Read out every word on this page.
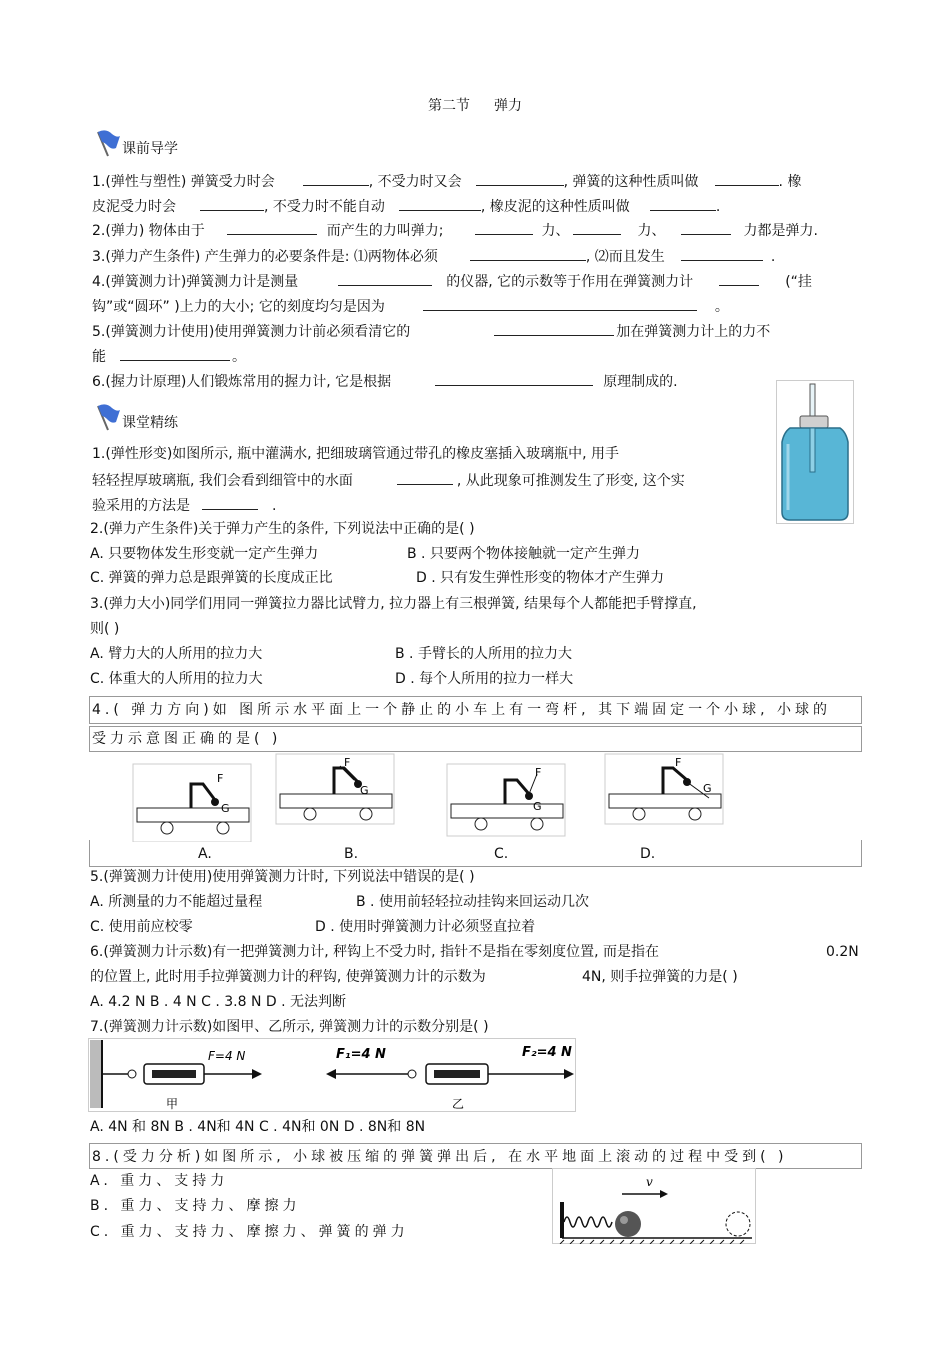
第二节 弹力
课前导学
1.(弹性与塑性) 弹簧受力时会	, 不受力时又会	, 弹簧的这种性质叫做	. 橡
皮泥受力时会	, 不受力时不能自动	, 橡皮泥的这种性质叫做	.
2.(弹力) 物体由于	而产生的力叫弹力;	力、	力、	力都是弹力.
3.(弹力产生条件) 产生弹力的必要条件是: ⑴两物体必须	, ⑵而且发生	.
4.(弹簧测力计)弹簧测力计是测量	的仪器, 它的示数等于作用在弹簧测力计	(“挂
钩”或“圆环” )上力的大小; 它的刻度均匀是因为	。
5.(弹簧测力计使用)使用弹簧测力计前必须看清它的	加在弹簧测力计上的力不
能	。
6.(握力计原理)人们锻炼常用的握力计, 它是根据	原理制成的.
课堂精练
1.(弹性形变)如图所示, 瓶中灌满水, 把细玻璃管通过带孔的橡皮塞插入玻璃瓶中, 用手
轻轻捏厚玻璃瓶, 我们会看到细管中的水面	, 从此现象可推测发生了形变, 这个实
验采用的方法是	.
2.(弹力产生条件)关于弹力产生的条件, 下列说法中正确的是( )
A. 只要物体发生形变就一定产生弹力	B . 只要两个物体接触就一定产生弹力
C. 弹簧的弹力总是跟弹簧的长度成正比	D . 只有发生弹性形变的物体才产生弹力
3.(弹力大小)同学们用同一弹簧拉力器比试臂力, 拉力器上有三根弹簧, 结果每个人都能把手臂撑直,
则( )
A. 臂力大的人所用的拉力大	B . 手臂长的人所用的拉力大
C. 体重大的人所用的拉力大	D . 每个人所用的拉力一样大
4.( 弹力方向)如 图所示水平面上一个静止的小车上有一弯杆, 其下端固定一个小球, 小球的
受力示意图正确的是( )
F
G
F
G
F
G
F
G
A.	B.	C.	D.
5.(弹簧测力计使用)使用弹簧测力计时, 下列说法中错误的是( )
A. 所测量的力不能超过量程	B . 使用前轻轻拉动挂钩来回运动几次
C. 使用前应校零	D . 使用时弹簧测力计必须竖直拉着
6.(弹簧测力计示数)有一把弹簧测力计, 秤钩上不受力时, 指针不是指在零刻度位置, 而是指在	0.2N
的位置上, 此时用手拉弹簧测力计的秤钩, 使弹簧测力计的示数为	4N, 则手拉弹簧的力是( )
A. 4.2 N B . 4 N C . 3.8 N D . 无法判断
7.(弹簧测力计示数)如图甲、乙所示, 弹簧测力计的示数分别是( )
F=4 N
甲
F₁=4 N	F₂=4 N
乙
A. 4N 和 8N B . 4N和 4N C . 4N和 0N D . 8N和 8N
8.(受力分析)如图所示, 小球被压缩的弹簧弹出后, 在水平地面上滚动的过程中受到( )
A. 重力、支持力
B. 重力、支持力、摩擦力
C. 重力、支持力、摩擦力、弹簧的弹力
v
